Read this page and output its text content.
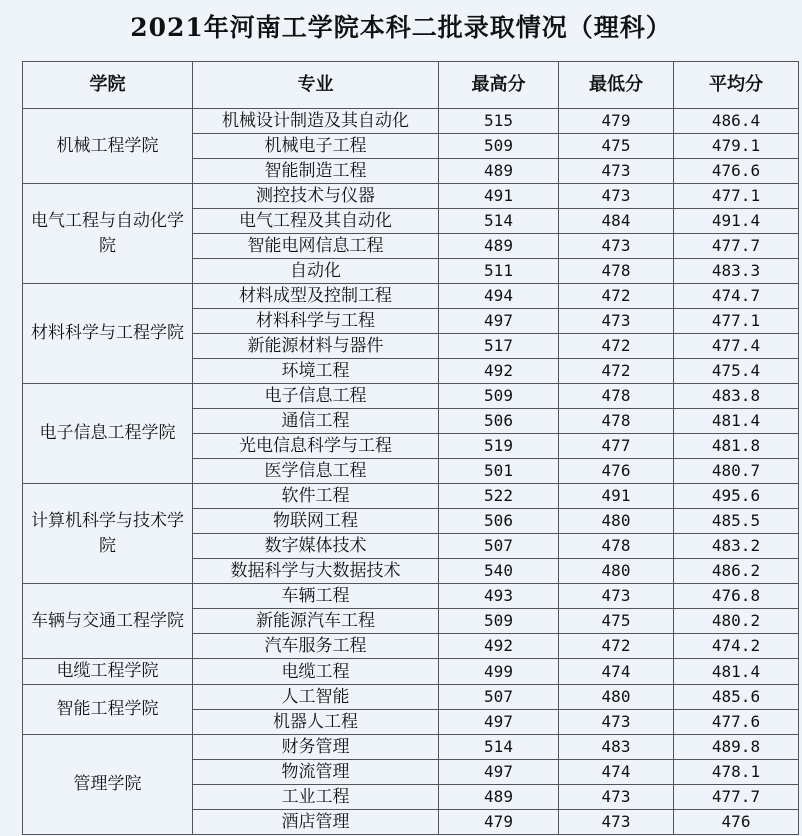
2021年河南工学院本科二批录取情况（理科）
学院	专业	最高分	最低分	平均分
机械工程学院	机械设计制造及其自动化	515	479	486.4
	机械电子工程	509	475	479.1
	智能制造工程	489	473	476.6
电气工程与自动化学院	测控技术与仪器	491	473	477.1
	电气工程及其自动化	514	484	491.4
	智能电网信息工程	489	473	477.7
	自动化	511	478	483.3
材料科学与工程学院	材料成型及控制工程	494	472	474.7
	材料科学与工程	497	473	477.1
	新能源材料与器件	517	472	477.4
	环境工程	492	472	475.4
电子信息工程学院	电子信息工程	509	478	483.8
	通信工程	506	478	481.4
	光电信息科学与工程	519	477	481.8
	医学信息工程	501	476	480.7
计算机科学与技术学院	软件工程	522	491	495.6
	物联网工程	506	480	485.5
	数字媒体技术	507	478	483.2
	数据科学与大数据技术	540	480	486.2
车辆与交通工程学院	车辆工程	493	473	476.8
	新能源汽车工程	509	475	480.2
	汽车服务工程	492	472	474.2
电缆工程学院	电缆工程	499	474	481.4
智能工程学院	人工智能	507	480	485.6
	机器人工程	497	473	477.6
管理学院	财务管理	514	483	489.8
	物流管理	497	474	478.1
	工业工程	489	473	477.7
	酒店管理	479	473	476
